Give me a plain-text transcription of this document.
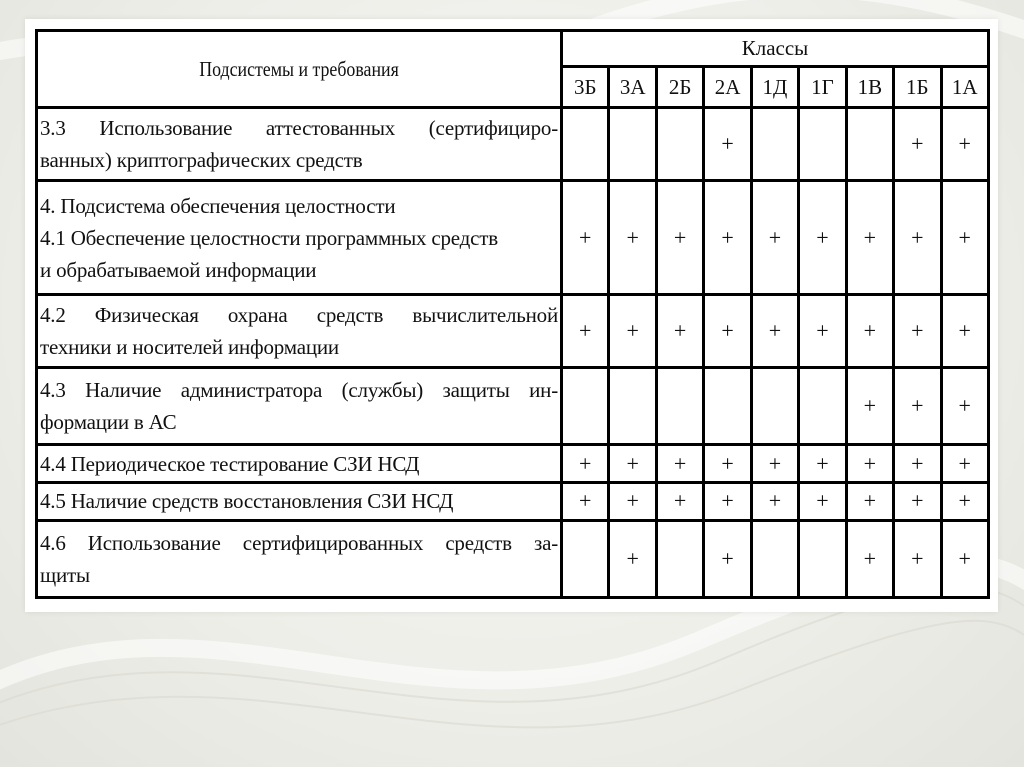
Подсистемы и требования	Классы								
	3Б	3А	2Б	2А	1Д	1Г	1В	1Б	1А

3.3 Использование аттестованных (сертифициро-
ванных) криптографических средств				+				+	+

4. Подсистема обеспечения целостности
4.1 Обеспечение целостности программных средств
и обрабатываемой информации	+	+	+	+	+	+	+	+	+

4.2 Физическая охрана средств вычислительной
техники и носителей информации	+	+	+	+	+	+	+	+	+

4.3 Наличие администратора (службы) защиты ин-
формации в АС							+	+	+

4.4 Периодическое тестирование СЗИ НСД	+	+	+	+	+	+	+	+	+

4.5 Наличие средств восстановления СЗИ НСД	+	+	+	+	+	+	+	+	+

4.6 Использование сертифицированных средств за-
щиты		+		+			+	+	+
